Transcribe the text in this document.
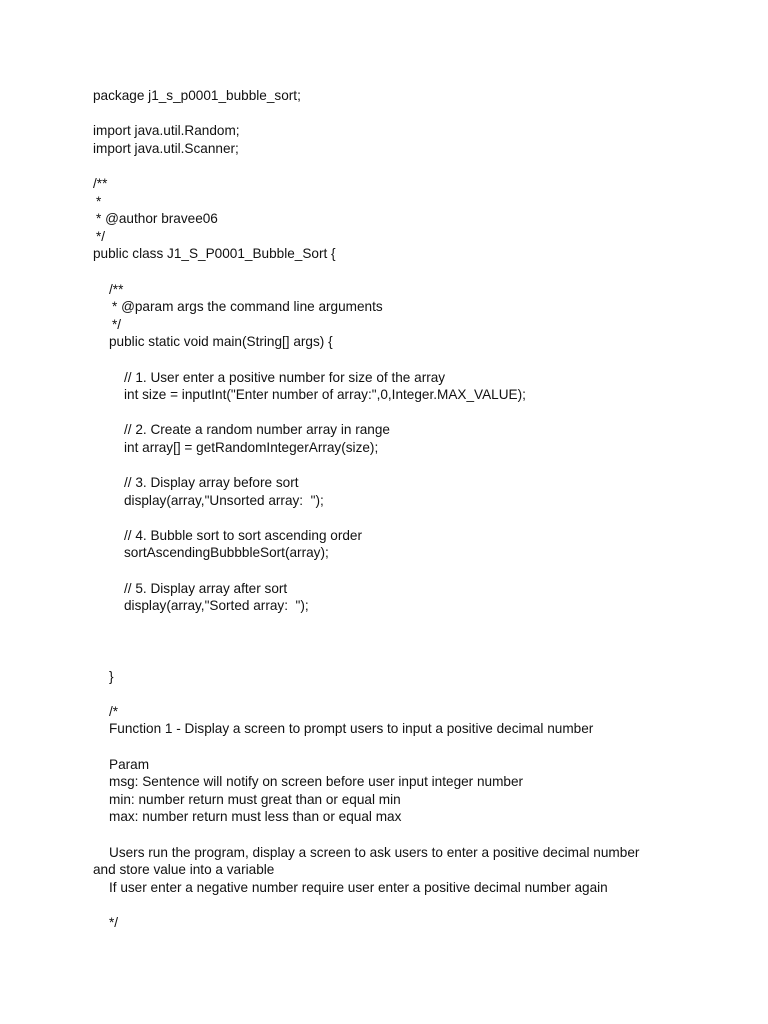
package j1_s_p0001_bubble_sort;
import java.util.Random;
import java.util.Scanner;
/**
*
* @author bravee06
*/
public class J1_S_P0001_Bubble_Sort {
/**
* @param args the command line arguments
*/
public static void main(String[] args) {
// 1. User enter a positive number for size of the array
int size = inputInt("Enter number of array:",0,Integer.MAX_VALUE);
// 2. Create a random number array in range
int array[] = getRandomIntegerArray(size);
// 3. Display array before sort
display(array,"Unsorted array:  ");
// 4. Bubble sort to sort ascending order
sortAscendingBubbbleSort(array);
// 5. Display array after sort
display(array,"Sorted array:  ");
}
/*
Function 1 - Display a screen to prompt users to input a positive decimal number
Param
msg: Sentence will notify on screen before user input integer number
min: number return must great than or equal min
max: number return must less than or equal max
Users run the program, display a screen to ask users to enter a positive decimal number
and store value into a variable
If user enter a negative number require user enter a positive decimal number again
*/
